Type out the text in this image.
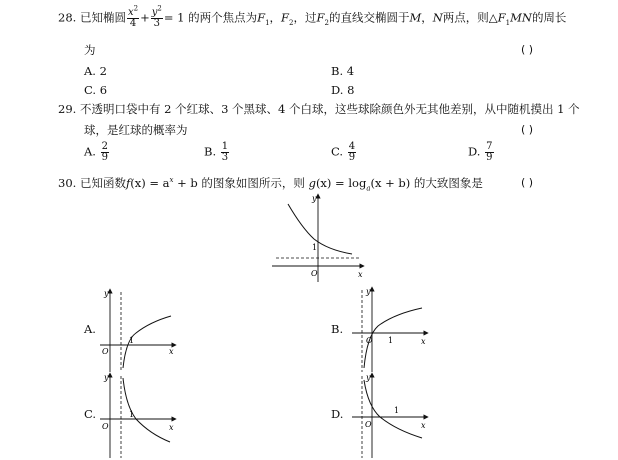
28. 已知椭圆 $\frac{x^2}{4} + \frac{y^2}{3} = 1$ 的两个焦点为$F_1$，$F_2$，过$F_2$的直线交椭圆于M，N两点，则$\triangle F_1MN$的周长
为	( )
A. 2	B. 4
C. 6	D. 8
29. 不透明口袋中有 2 个红球、3 个黑球、4 个白球，这些球除颜色外无其他差别，从中随机摸出 1 个
球，是红球的概率为	( )
A. $\frac{2}{9}$	B. $\frac{1}{3}$	C. $\frac{4}{9}$	D. $\frac{7}{9}$
30. 已知函数$f(x) = a^x + b$ 的图象如图所示，则 $g(x) = \log_a(x + b)$ 的大致图象是	( )
y
x
1
O
A.
y
x
1
O
B.
y
x
1
O
C.
y
x
1
O
D.
y
x
1
O
